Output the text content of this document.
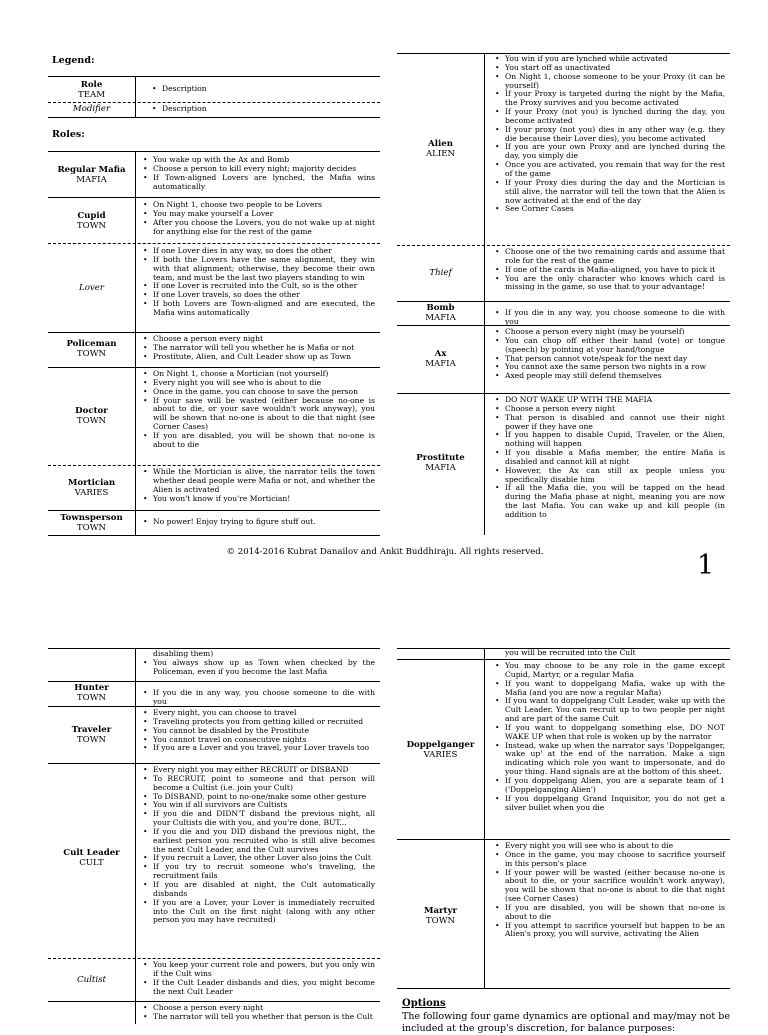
Legend:
Role
TEAM
Modifier
• Description
• Description
Roles:
Regular Mafia
MAFIA
• You wake up with the Ax and Bomb
• Choose a person to kill every night; majority decides
• If Town-aligned Lovers are lynched, the Mafia wins automatically
Cupid
TOWN
• On Night 1, choose two people to be Lovers
• You may make yourself a Lover
• After you choose the Lovers, you do not wake up at night for anything else for the rest of the game
Lover
• If one Lover dies in any way, so does the other
• If both the Lovers have the same alignment, they win with that alignment; otherwise, they become their own team, and must be the last two players standing to win
• If one Lover is recruited into the Cult, so is the other
• If one Lover travels, so does the other
• If both Lovers are Town-aligned and are executed, the Mafia wins automatically
Policeman
TOWN
• Choose a person every night
• The narrator will tell you whether he is Mafia or not
• Prostitute, Alien, and Cult Leader show up as Town
Doctor
TOWN
• On Night 1, choose a Mortician (not yourself)
• Every night you will see who is about to die
• Once in the game, you can choose to save the person
• If your save will be wasted (either because no-one is about to die, or your save wouldn't work anyway), you will be shown that no-one is about to die that night (see Corner Cases)
• If you are disabled, you will be shown that no-one is about to die
Mortician
VARIES
• While the Mortician is alive, the narrator tells the town whether dead people were Mafia or not, and whether the Alien is activated
• You won't know if you're Mortician!
Townsperson
TOWN
• No power! Enjoy trying to figure stuff out.
Alien
ALIEN
• You win if you are lynched while activated
• You start off as unactivated
• On Night 1, choose someone to be your Proxy (it can be yourself)
• If your Proxy is targeted during the night by the Mafia, the Proxy survives and you become activated
• If your Proxy (not you) is lynched during the day, you become activated
• If your proxy (not you) dies in any other way (e.g. they die because their Lover dies), you become activated
• If you are your own Proxy and are lynched during the day, you simply die
• Once you are activated, you remain that way for the rest of the game
• If your Proxy dies during the day and the Mortician is still alive, the narrator will tell the town that the Alien is now activated at the end of the day
• See Corner Cases
Thief
• Choose one of the two remaining cards and assume that role for the rest of the game
• If one of the cards is Mafia-aligned, you have to pick it
• You are the only character who knows which card is missing in the game, so use that to your advantage!
Bomb
MAFIA
• If you die in any way, you choose someone to die with you
Ax
MAFIA
• Choose a person every night (may be yourself)
• You can chop off either their hand (vote) or tongue (speech) by pointing at your hand/tongue
• That person cannot vote/speak for the next day
• You cannot axe the same person two nights in a row
• Axed people may still defend themselves
Prostitute
MAFIA
• DO NOT WAKE UP WITH THE MAFIA
• Choose a person every night
• That person is disabled and cannot use their night power if they have one
• If you happen to disable Cupid, Traveler, or the Alien, nothing will happen
• If you disable a Mafia member, the entire Mafia is disabled and cannot kill at night
• However, the Ax can still ax people unless you specifically disable him
• If all the Mafia die, you will be tapped on the head during the Mafia phase at night, meaning you are now the last Mafia. You can wake up and kill people (in addition to
© 2014-2016 Kubrat Danailov and Ankit Buddhiraju. All rights reserved.	1
disabling them)
• You always show up as Town when checked by the Policeman, even if you become the last Mafia
Hunter
TOWN
• If you die in any way, you choose someone to die with you
Traveler
TOWN
• Every night, you can choose to travel
• Traveling protects you from getting killed or recruited
• You cannot be disabled by the Prostitute
• You cannot travel on consecutive nights
• If you are a Lover and you travel, your Lover travels too
Cult Leader
CULT
• Every night you may either RECRUIT or DISBAND
• To RECRUIT, point to someone and that person will become a Cultist (i.e. join your Cult)
• To DISBAND, point to no-one/make some other gesture
• You win if all survivors are Cultists
• If you die and DIDN'T disband the previous night, all your Cultists die with you, and you're done, BUT...
• If you die and you DID disband the previous night, the earliest person you recruited who is still alive becomes the next Cult Leader, and the Cult survives
• If you recruit a Lover, the other Lover also joins the Cult
• If you try to recruit someone who's traveling, the recruitment fails
• If you are disabled at night, the Cult automatically disbands
• If you are a Lover, your Lover is immediately recruited into the Cult on the first night (along with any other person you may have recruited)
Cultist
• You keep your current role and powers, but you only win if the Cult wins
• If the Cult Leader disbands and dies, you might become the next Cult Leader
• Choose a person every night
• The narrator will tell you whether that person is the Cult
you will be recruited into the Cult
Doppelganger
VARIES
• You may choose to be any role in the game except Cupid, Martyr, or a regular Mafia
• If you want to doppelgang Mafia, wake up with the Mafia (and you are now a regular Mafia)
• If you want to doppelgang Cult Leader, wake up with the Cult Leader. You can recruit up to two people per night and are part of the same Cult
• If you want to doppelgang something else, DO NOT WAKE UP when that role is woken up by the narrator
• Instead, wake up when the narrator says 'Doppelganger, wake up' at the end of the narration. Make a sign indicating which role you want to impersonate, and do your thing. Hand signals are at the bottom of this sheet.
• If you doppelgang Alien, you are a separate team of 1 ('Doppelganging Alien')
• If you doppelgang Grand Inquisitor, you do not get a silver bullet when you die
Martyr
TOWN
• Every night you will see who is about to die
• Once in the game, you may choose to sacrifice yourself in this person's place
• If your power will be wasted (either because no-one is about to die, or your sacrifice wouldn't work anyway), you will be shown that no-one is about to die that night (see Corner Cases)
• If you are disabled, you will be shown that no-one is about to die
• If you attempt to sacrifice yourself but happen to be an Alien's proxy, you will survive, activating the Alien
Options
The following four game dynamics are optional and may/may not be included at the group's discretion, for balance purposes:
